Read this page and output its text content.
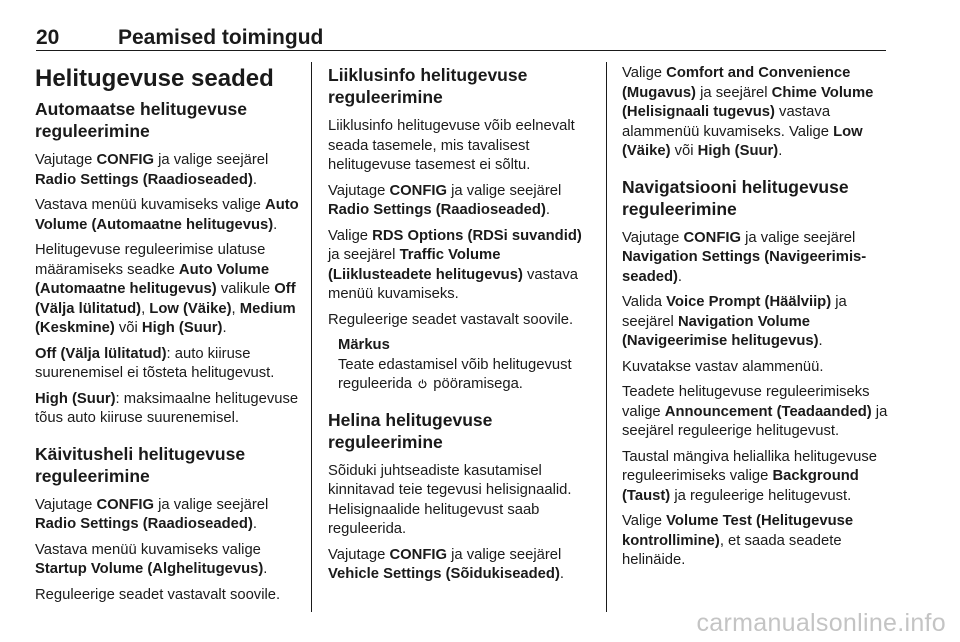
20	Peamised toimingud
Helitugevuse seaded
Automaatse helitugevuse reguleerimine

Vajutage CONFIG ja valige seejärel Radio Settings (Raadioseaded).

Vastava menüü kuvamiseks valige Auto Volume (Automaatne helitugevus).

Helitugevuse reguleerimise ulatuse määramiseks seadke Auto Volume (Automaatne helitugevus) valikule Off (Välja lülitatud), Low (Väike), Medium (Keskmine) või High (Suur).

Off (Välja lülitatud): auto kiiruse suurenemisel ei tõsteta helitugevust.

High (Suur): maksimaalne helitugevuse tõus auto kiiruse suurenemisel.

Käivitusheli helitugevuse reguleerimine

Vajutage CONFIG ja valige seejärel Radio Settings (Raadioseaded).

Vastava menüü kuvamiseks valige Startup Volume (Alghelitugevus).

Reguleerige seadet vastavalt soovile.

Liiklusinfo helitugevuse reguleerimine

Liiklusinfo helitugevuse võib eelnevalt seada tasemele, mis tavalisest helitugevuse tasemest ei sõltu.

Vajutage CONFIG ja valige seejärel Radio Settings (Raadioseaded).

Valige RDS Options (RDSi suvandid) ja seejärel Traffic Volume (Liiklusteadete helitugevus) vastava menüü kuvamiseks.

Reguleerige seadet vastavalt soovile.

Märkus

Teate edastamisel võib helitugevust reguleerida  pööramisega.

Helina helitugevuse reguleerimine

Sõiduki juhtseadiste kasutamisel kinnitavad teie tegevusi helisignaalid. Helisignaalide helitugevust saab reguleerida.

Vajutage CONFIG ja valige seejärel Vehicle Settings (Sõidukiseaded).

Valige Comfort and Convenience (Mugavus) ja seejärel Chime Volume (Helisignaali tugevus) vastava alammenüü kuvamiseks. Valige Low (Väike) või High (Suur).

Navigatsiooni helitugevuse reguleerimine

Vajutage CONFIG ja valige seejärel Navigation Settings (Navigeerimis-seaded).

Valida Voice Prompt (Häälviip) ja seejärel Navigation Volume (Navigeerimise helitugevus).

Kuvatakse vastav alammenüü.

Teadete helitugevuse reguleerimiseks valige Announcement (Teadaanded) ja seejärel reguleerige helitugevust.

Taustal mängiva heliallika helitugevuse reguleerimiseks valige Background (Taust) ja reguleerige helitugevust.

Valige Volume Test (Helitugevuse kontrollimine), et saada seadete helinäide.

carmanualsonline.info
